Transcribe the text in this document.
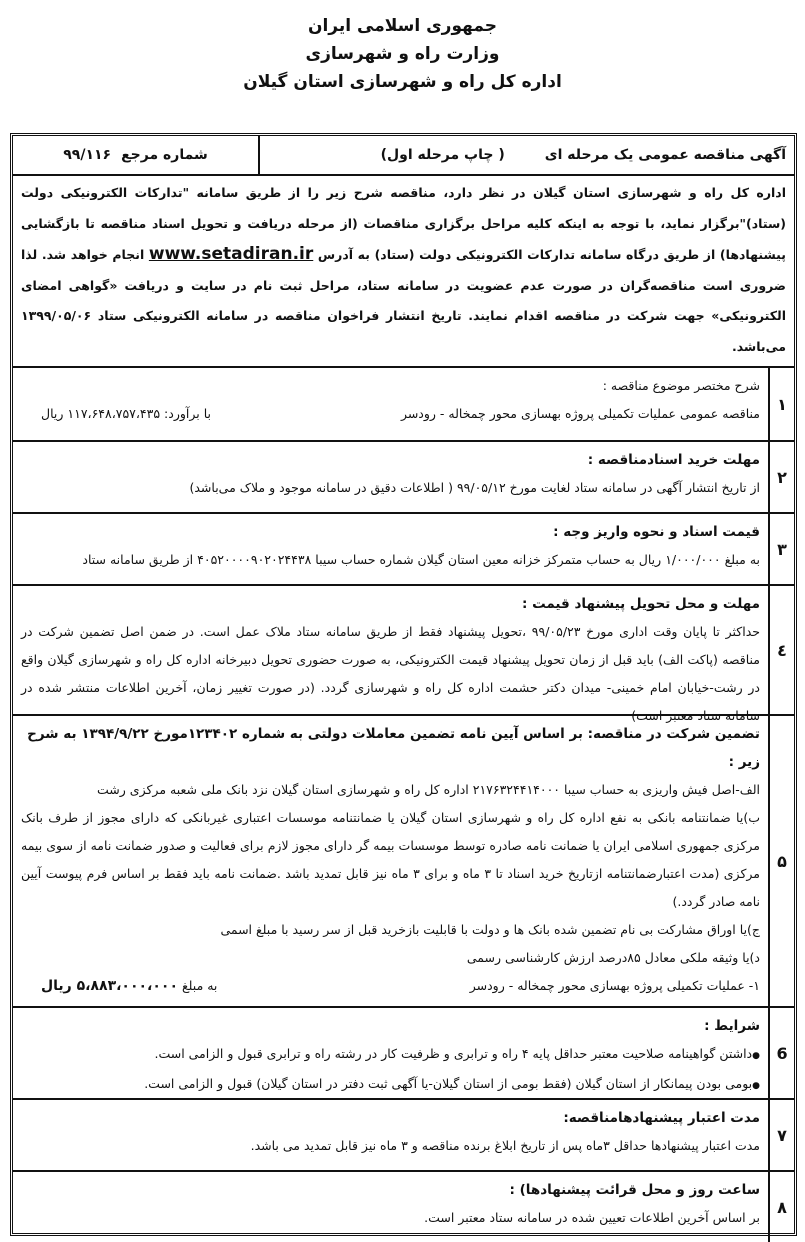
جمهوری اسلامی ایران
وزارت راه و شهرسازی
اداره کل راه و شهرسازی استان گیلان
آگهی مناقصه عمومی یک مرحله ای
( چاپ مرحله اول)
شماره مرجع
۹۹/۱۱۶
اداره کل راه و شهرسازی استان گیلان در نظر دارد، مناقصه شرح زیر را از طریق سامانه "تدارکات الکترونیکی دولت (ستاد)"برگزار نماید، با توجه به اینکه کلیه مراحل برگزاری مناقصات (از مرحله دریافت و تحویل اسناد مناقصه تا بازگشایی پیشنهادها) از طریق درگاه سامانه تدارکات الکترونیکی دولت (ستاد) به آدرس www.setadiran.ir انجام خواهد شد. لذا ضروری است مناقصه‌گران در صورت عدم عضویت در سامانه ستاد، مراحل ثبت نام در سایت و دریافت «گواهی امضای الکترونیکی» جهت شرکت در مناقصه اقدام نمایند. تاریخ انتشار فراخوان مناقصه در سامانه الکترونیکی ستاد ۱۳۹۹/۰۵/۰۶ می‌باشد.
۱
شرح مختصر موضوع مناقصه :
مناقصه عمومی عملیات تکمیلی پروژه بهسازی محور چمخاله - رودسر
با برآورد: ۱۱۷،۶۴۸،۷۵۷،۴۳۵ ریال
۲
مهلت خرید اسنادمناقصه :
از تاریخ انتشار آگهی در سامانه ستاد لغایت مورخ ۹۹/۰۵/۱۲ ( اطلاعات دقیق در سامانه موجود و ملاک می‌باشد)
۳
قیمت اسناد و نحوه واریز وجه :
به مبلغ ۱/۰۰۰/۰۰۰ ریال به حساب متمرکز خزانه معین استان گیلان شماره حساب سیبا ۴۰۵۲۰۰۰۰۹۰۲۰۲۴۴۳۸ از طریق سامانه ستاد
٤
مهلت و محل تحویل پیشنهاد قیمت :
حداکثر تا پایان وقت اداری مورخ ۹۹/۰۵/۲۳ ،تحویل پیشنهاد فقط از طریق سامانه ستاد ملاک عمل است. در ضمن اصل تضمین شرکت در مناقصه (پاکت الف) باید قبل از زمان تحویل پیشنهاد قیمت الکترونیکی، به صورت حضوری تحویل دبیرخانه اداره کل راه و شهرسازی گیلان واقع در رشت-خیابان امام خمینی- میدان دکتر حشمت اداره کل راه و شهرسازی گردد. (در صورت تغییر زمان، آخرین اطلاعات منتشر شده در سامانه ستاد معتبر است)
۵
تضمین شرکت در مناقصه: بر اساس آیین نامه تضمین معاملات دولتی به شماره ۱۲۳۴۰۲مورخ ۱۳۹۴/۹/۲۲ به شرح زیر :
الف-اصل فیش واریزی به حساب سیبا ۲۱۷۶۳۲۴۴۱۴۰۰۰ اداره کل راه و شهرسازی استان گیلان نزد بانک ملی شعبه مرکزی رشت
ب)یا ضمانتنامه بانکی به نفع اداره کل راه و شهرسازی استان گیلان یا ضمانتنامه موسسات اعتباری غیربانکی که دارای مجوز از طرف بانک مرکزی جمهوری اسلامی ایران یا ضمانت نامه صادره توسط موسسات بیمه گر دارای مجوز لازم برای فعالیت و صدور ضمانت نامه از سوی بیمه مرکزی (مدت اعتبارضمانتنامه ازتاریخ خرید اسناد تا ۳ ماه و برای ۳ ماه نیز قابل تمدید باشد .ضمانت نامه باید فقط بر اساس فرم پیوست آیین نامه صادر گردد.)
ج)یا اوراق مشارکت بی نام تضمین شده بانک ها و دولت با قابلیت بازخرید قبل از سر رسید با مبلغ اسمی
د)یا وثیقه ملکی معادل ۸۵درصد ارزش کارشناسی رسمی
۱- عملیات تکمیلی پروژه بهسازی محور چمخاله - رودسر
به مبلغ ۵،۸۸۳،۰۰۰،۰۰۰ ریال
6
شرایط :
● داشتن گواهینامه صلاحیت معتبر حداقل پایه ۴ راه و ترابری و ظرفیت کار در رشته راه و ترابری قبول و الزامی است.
● بومی بودن پیمانکار از استان گیلان (فقط بومی از استان گیلان-یا آگهی ثبت دفتر در استان گیلان) قبول و الزامی است.
۷
مدت اعتبار پیشنهادهامناقصه:
مدت اعتبار پیشنهادها حداقل ۳ماه پس از تاریخ ابلاغ برنده مناقصه و ۳ ماه نیز قابل تمدید می باشد.
۸
ساعت روز و محل قرائت پیشنهادها) :
بر اساس آخرین اطلاعات تعیین شده در سامانه ستاد معتبر است.
